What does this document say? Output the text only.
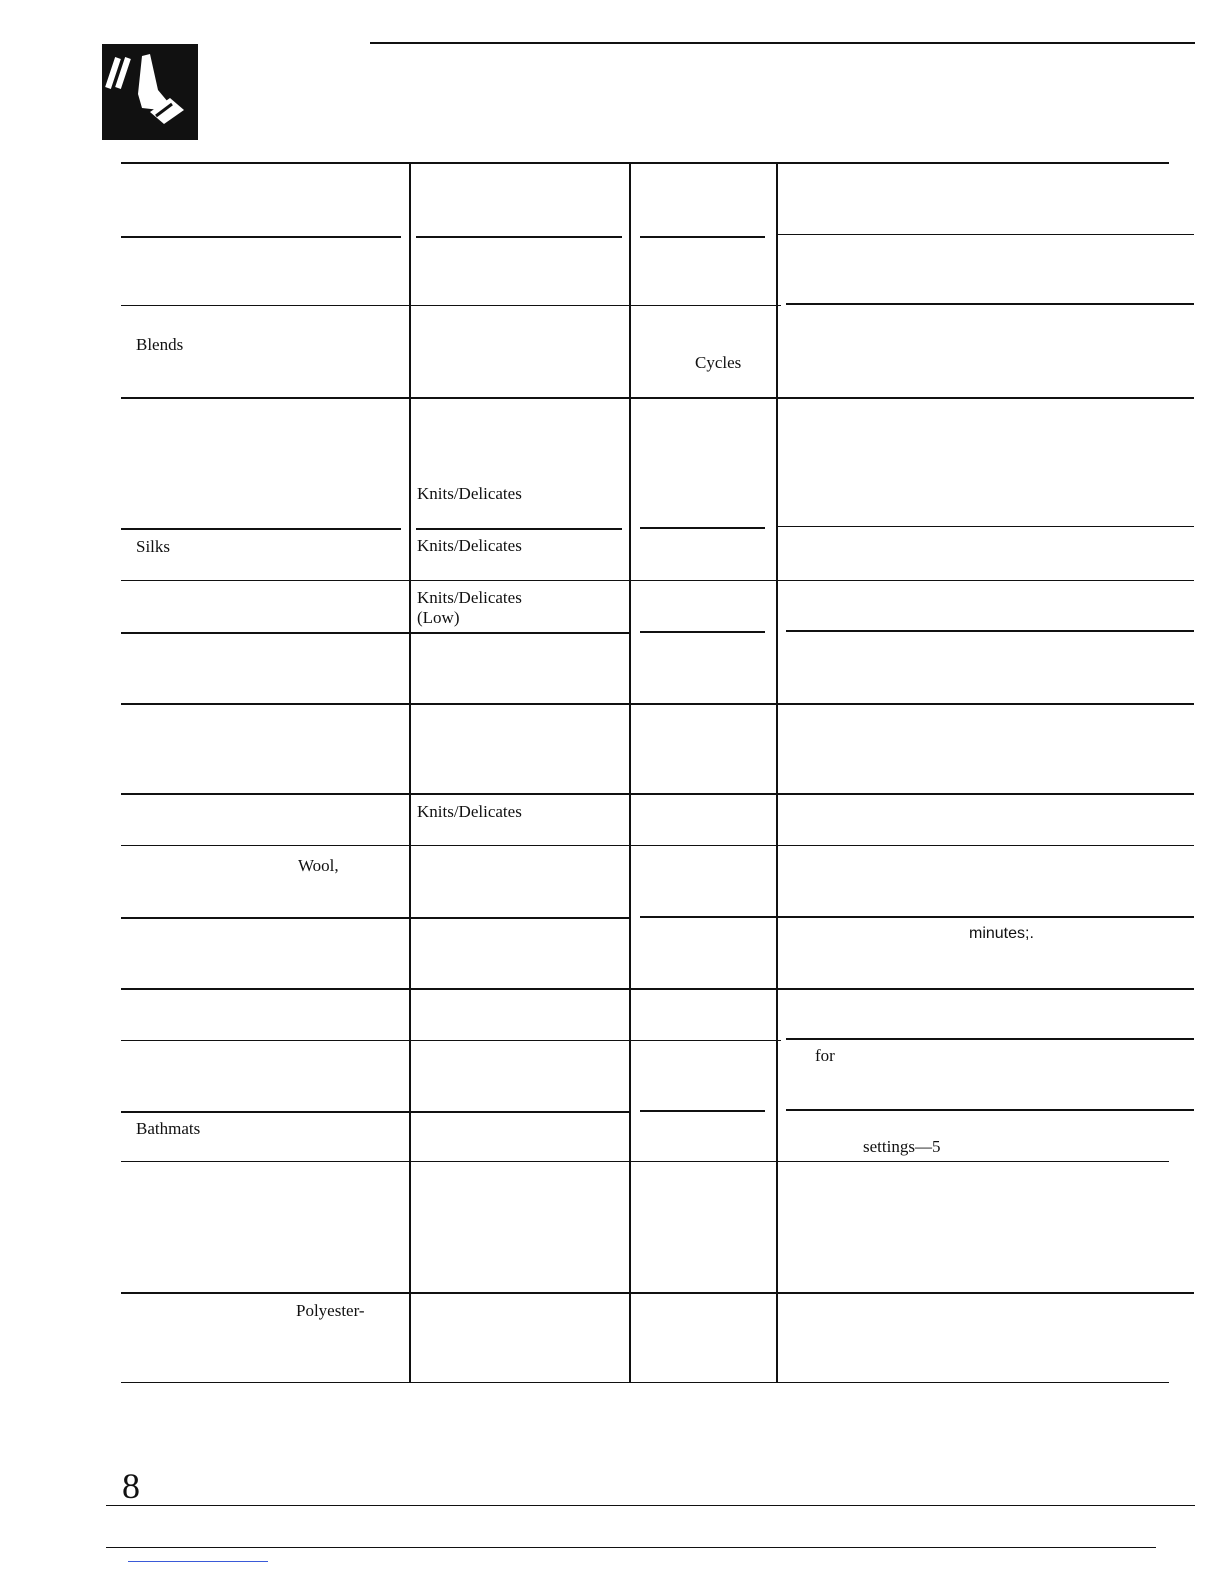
Blends
Cycles
Knits/Delicates
Silks	Knits/Delicates
Knits/Delicates
(Low)
Knits/Delicates
Wool,
minutes;.
for
Bathmats
settings—5
Polyester-
8
